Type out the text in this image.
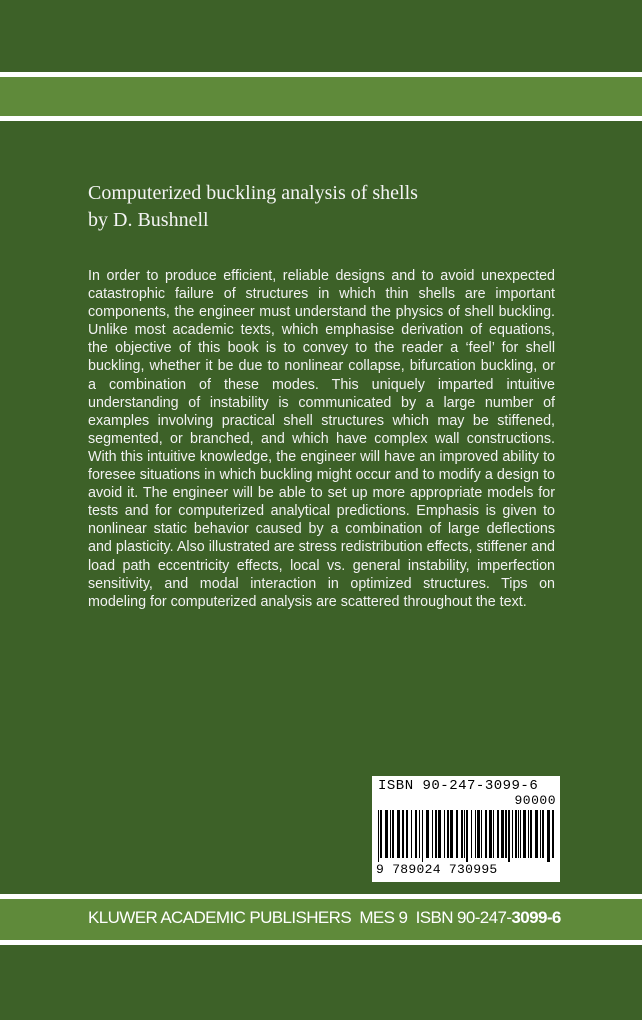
Computerized buckling analysis of shells
by D. Bushnell

In order to produce efficient, reliable designs and to avoid unexpected catastrophic failure of structures in which thin shells are important components, the engineer must understand the physics of shell buckling. Unlike most academic texts, which emphasise derivation of equations, the objective of this book is to convey to the reader a ‘feel’ for shell buckling, whether it be due to nonlinear collapse, bifurcation buckling, or a combination of these modes. This uniquely imparted intuitive understanding of instability is communicated by a large number of examples involving practical shell structures which may be stiffened, segmented, or branched, and which have complex wall constructions. With this intuitive knowledge, the engineer will have an improved ability to foresee situations in which buckling might occur and to modify a design to avoid it. The engineer will be able to set up more appropriate models for tests and for computerized analytical predictions. Emphasis is given to nonlinear static behavior caused by a combination of large deflections and plasticity. Also illustrated are stress redistribution effects, stiffener and load path eccentricity effects, local vs. general instability, imperfection sensitivity, and modal interaction in optimized structures. Tips on modeling for computerized analysis are scattered throughout the text.

ISBN 90-247-3099-6
90000
9 789024 730995
KLUWER ACADEMIC PUBLISHERS MES 9 ISBN 90-247-3099-6
